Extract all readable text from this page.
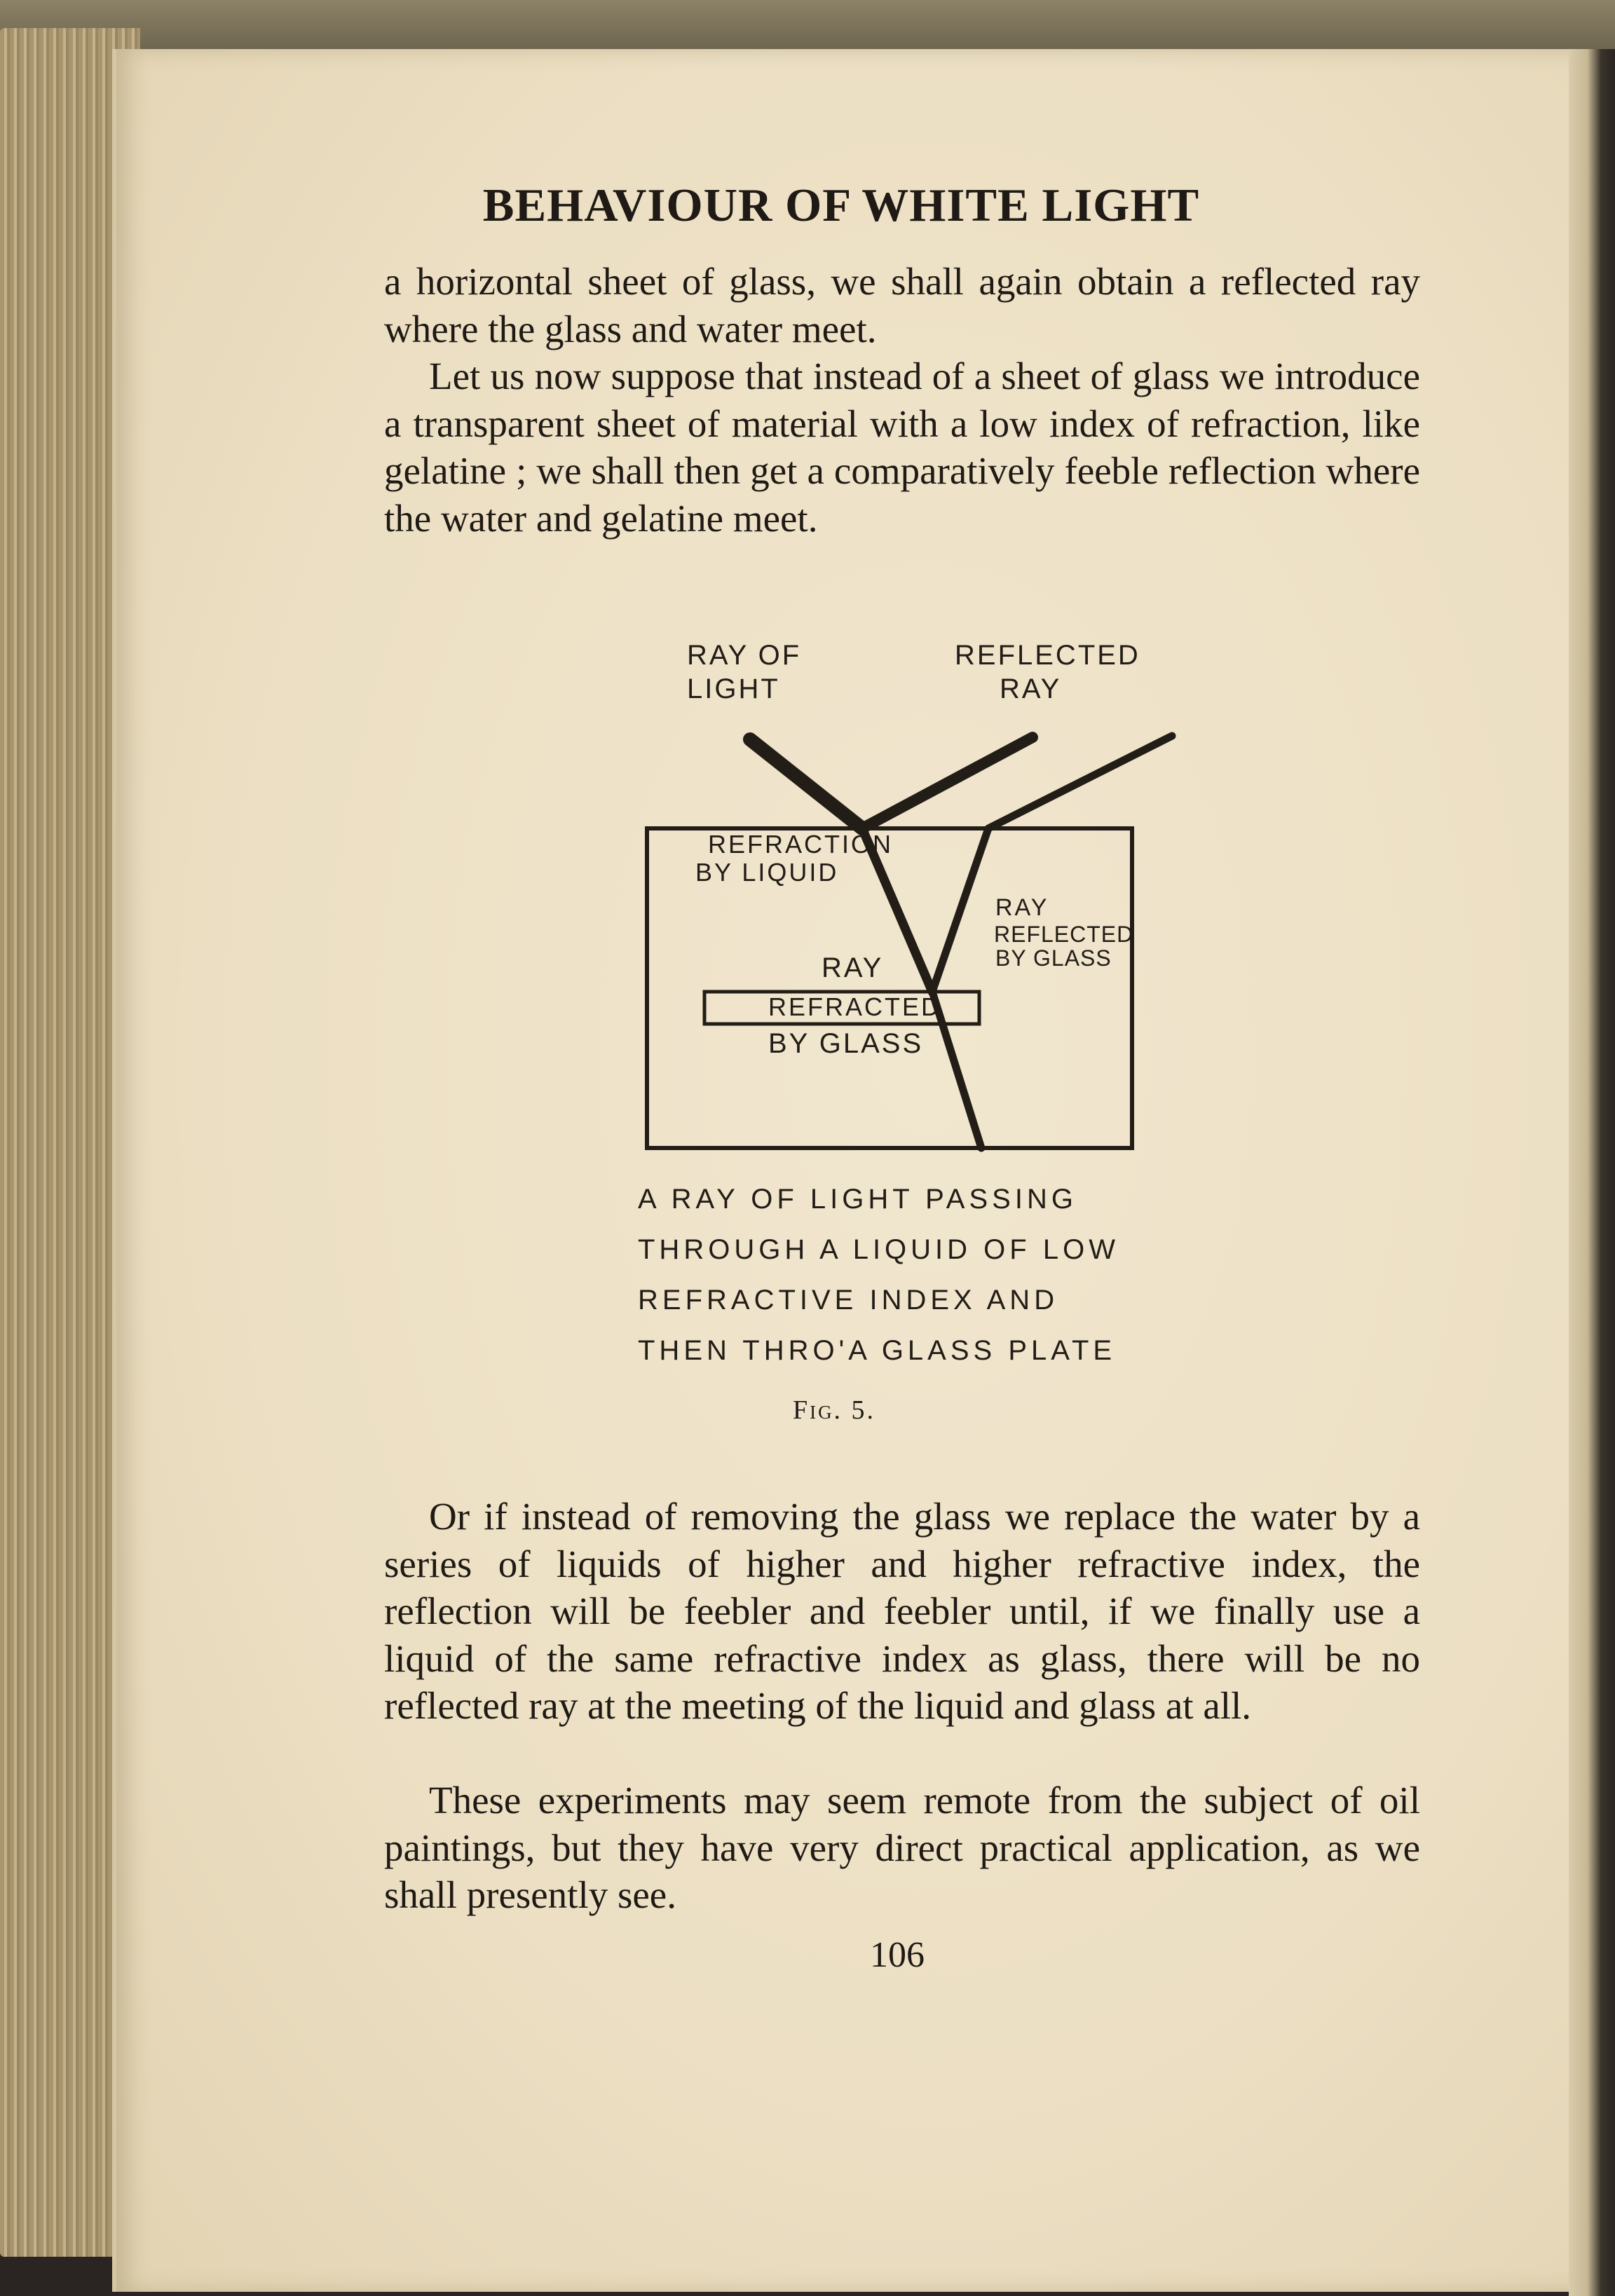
BEHAVIOUR OF WHITE LIGHT

a horizontal sheet of glass, we shall again obtain a reflected ray where the glass and water meet.

Let us now suppose that instead of a sheet of glass we introduce a transparent sheet of material with a low index of refraction, like gelatine ; we shall then get a comparatively feeble reflection where the water and gelatine meet.

RAY OF
LIGHT
REFLECTED
RAY
REFRACTION
BY LIQUID
RAY
REFLECTED
BY GLASS
RAY
REFRACTED
BY GLASS
A RAY OF LIGHT PASSING
THROUGH A LIQUID OF LOW
REFRACTIVE INDEX AND
THEN THRO'A GLASS PLATE
Fig. 5.

Or if instead of removing the glass we replace the water by a series of liquids of higher and higher refractive index, the reflection will be feebler and feebler until, if we finally use a liquid of the same refractive index as glass, there will be no reflected ray at the meeting of the liquid and glass at all.

These experiments may seem remote from the subject of oil paintings, but they have very direct practical application, as we shall presently see.

106
